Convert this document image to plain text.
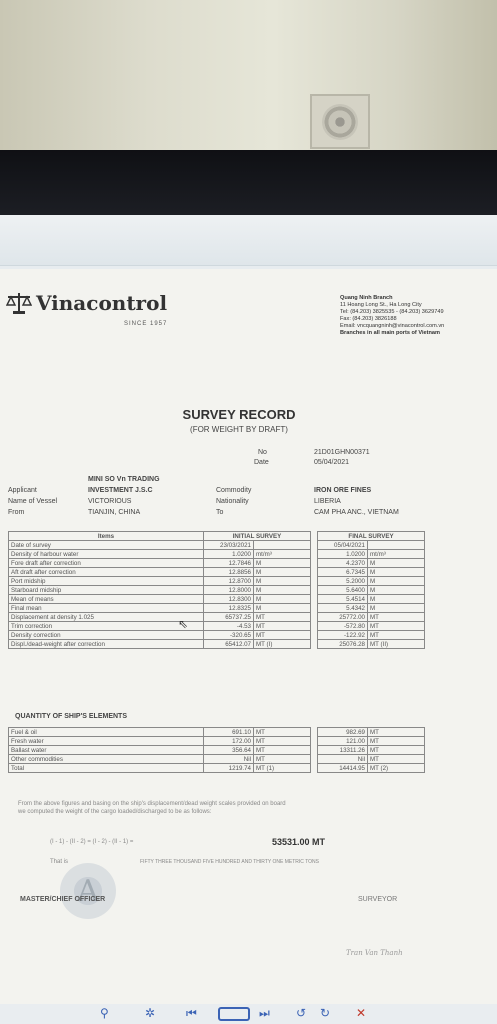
Vinacontrol
SINCE 1957
Quang Ninh Branch
11 Hoang Long St., Ha Long City
Tel: (84.203) 3825535 - (84.203) 3629749
Fax: (84.203) 3826188
Email: vncquangninh@vinacontrol.com.vn
Branches in all main ports of Vietnam
SURVEY RECORD
(FOR WEIGHT BY DRAFT)
No	21D01GHN00371
Date	05/04/2021
MINI SO Vn TRADING
Applicant	INVESTMENT J.S.C
Name of Vessel	VICTORIOUS
From	TIANJIN, CHINA
Commodity	IRON ORE FINES
Nationality	LIBERIA
To	CAM PHA ANC., VIETNAM
Items	INITIAL SURVEY			FINAL SURVEY	
Date of survey	23/03/2021			05/04/2021	
Density of harbour water	1.0200	mt/m³		1.0200	mt/m³
Fore draft after correction	12.7846	M		4.2370	M
Aft draft after correction	12.8856	M		6.7345	M
Port midship	12.8700	M		5.2000	M
Starboard midship	12.8000	M		5.6400	M
Mean of means	12.8300	M		5.4514	M
Final mean	12.8325	M		5.4342	M
Displacement at density 1.025	65737.25	MT		25772.00	MT
Trim correction	-4.53	MT		-572.80	MT
Density correction	-320.65	MT		-122.92	MT
Displ./dead-weight after correction	65412.07	MT (I)		25076.28	MT (II)
QUANTITY OF SHIP'S ELEMENTS
Fuel & oil	691.10	MT		982.69	MT
Fresh water	172.00	MT		121.00	MT
Ballast water	356.64	MT		13311.26	MT
Other commodities	Nil	MT		Nil	MT
Total	1219.74	MT (1)		14414.95	MT (2)
From the above figures and basing on the ship's displacement/dead weight scales provided on board
we computed the weight of the cargo loaded/discharged to be as follows:
(I - 1) - (II - 2) = (I - 2) - (II - 1) =	53531.00 MT
That is	FIFTY THREE THOUSAND FIVE HUNDRED AND THIRTY ONE METRIC TONS
A
MASTER/CHIEF OFFICER	SURVEYOR
Tran Van Thanh
⚲	✲	⏮	⏭ ↺ ↻ ✕
⇖
